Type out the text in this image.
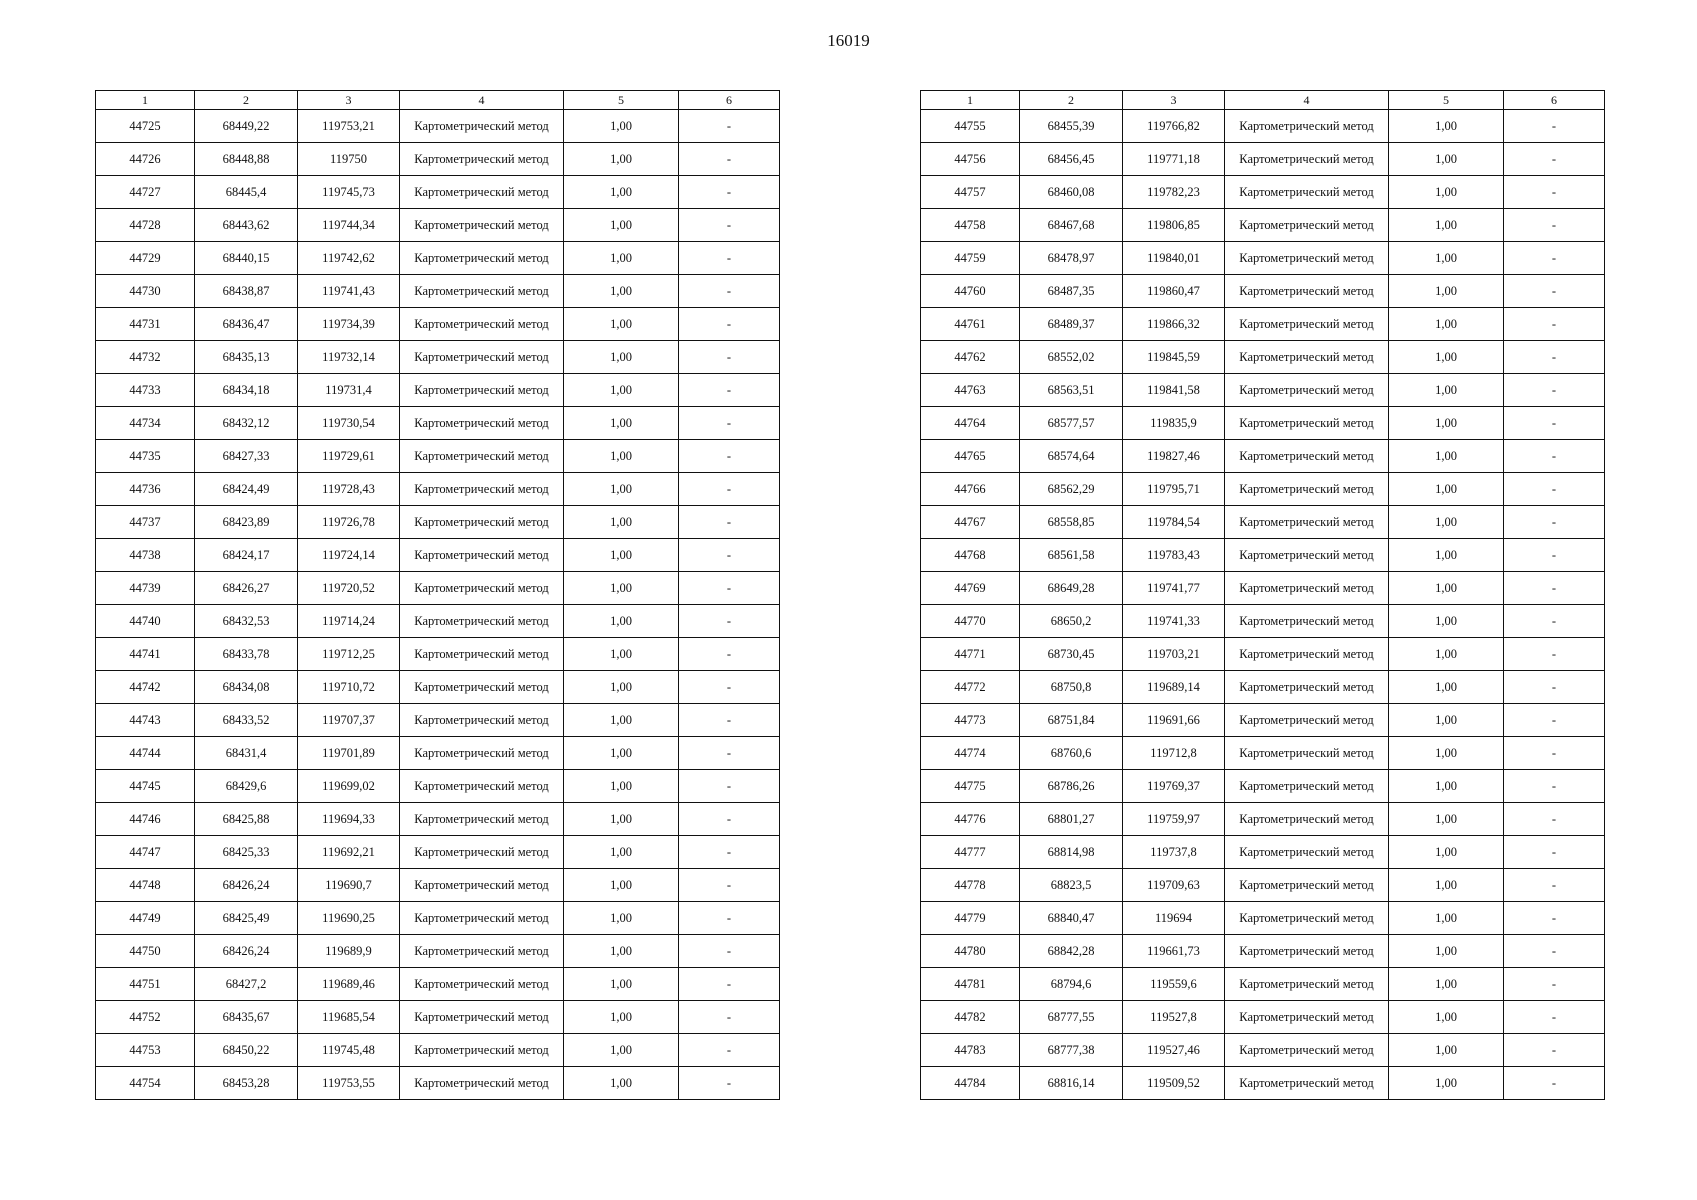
16019
1	2	3	4	5	6
44725	68449,22	119753,21	Картометрический метод	1,00	-
44726	68448,88	119750	Картометрический метод	1,00	-
44727	68445,4	119745,73	Картометрический метод	1,00	-
44728	68443,62	119744,34	Картометрический метод	1,00	-
44729	68440,15	119742,62	Картометрический метод	1,00	-
44730	68438,87	119741,43	Картометрический метод	1,00	-
44731	68436,47	119734,39	Картометрический метод	1,00	-
44732	68435,13	119732,14	Картометрический метод	1,00	-
44733	68434,18	119731,4	Картометрический метод	1,00	-
44734	68432,12	119730,54	Картометрический метод	1,00	-
44735	68427,33	119729,61	Картометрический метод	1,00	-
44736	68424,49	119728,43	Картометрический метод	1,00	-
44737	68423,89	119726,78	Картометрический метод	1,00	-
44738	68424,17	119724,14	Картометрический метод	1,00	-
44739	68426,27	119720,52	Картометрический метод	1,00	-
44740	68432,53	119714,24	Картометрический метод	1,00	-
44741	68433,78	119712,25	Картометрический метод	1,00	-
44742	68434,08	119710,72	Картометрический метод	1,00	-
44743	68433,52	119707,37	Картометрический метод	1,00	-
44744	68431,4	119701,89	Картометрический метод	1,00	-
44745	68429,6	119699,02	Картометрический метод	1,00	-
44746	68425,88	119694,33	Картометрический метод	1,00	-
44747	68425,33	119692,21	Картометрический метод	1,00	-
44748	68426,24	119690,7	Картометрический метод	1,00	-
44749	68425,49	119690,25	Картометрический метод	1,00	-
44750	68426,24	119689,9	Картометрический метод	1,00	-
44751	68427,2	119689,46	Картометрический метод	1,00	-
44752	68435,67	119685,54	Картометрический метод	1,00	-
44753	68450,22	119745,48	Картометрический метод	1,00	-
44754	68453,28	119753,55	Картометрический метод	1,00	-
1	2	3	4	5	6
44755	68455,39	119766,82	Картометрический метод	1,00	-
44756	68456,45	119771,18	Картометрический метод	1,00	-
44757	68460,08	119782,23	Картометрический метод	1,00	-
44758	68467,68	119806,85	Картометрический метод	1,00	-
44759	68478,97	119840,01	Картометрический метод	1,00	-
44760	68487,35	119860,47	Картометрический метод	1,00	-
44761	68489,37	119866,32	Картометрический метод	1,00	-
44762	68552,02	119845,59	Картометрический метод	1,00	-
44763	68563,51	119841,58	Картометрический метод	1,00	-
44764	68577,57	119835,9	Картометрический метод	1,00	-
44765	68574,64	119827,46	Картометрический метод	1,00	-
44766	68562,29	119795,71	Картометрический метод	1,00	-
44767	68558,85	119784,54	Картометрический метод	1,00	-
44768	68561,58	119783,43	Картометрический метод	1,00	-
44769	68649,28	119741,77	Картометрический метод	1,00	-
44770	68650,2	119741,33	Картометрический метод	1,00	-
44771	68730,45	119703,21	Картометрический метод	1,00	-
44772	68750,8	119689,14	Картометрический метод	1,00	-
44773	68751,84	119691,66	Картометрический метод	1,00	-
44774	68760,6	119712,8	Картометрический метод	1,00	-
44775	68786,26	119769,37	Картометрический метод	1,00	-
44776	68801,27	119759,97	Картометрический метод	1,00	-
44777	68814,98	119737,8	Картометрический метод	1,00	-
44778	68823,5	119709,63	Картометрический метод	1,00	-
44779	68840,47	119694	Картометрический метод	1,00	-
44780	68842,28	119661,73	Картометрический метод	1,00	-
44781	68794,6	119559,6	Картометрический метод	1,00	-
44782	68777,55	119527,8	Картометрический метод	1,00	-
44783	68777,38	119527,46	Картометрический метод	1,00	-
44784	68816,14	119509,52	Картометрический метод	1,00	-
